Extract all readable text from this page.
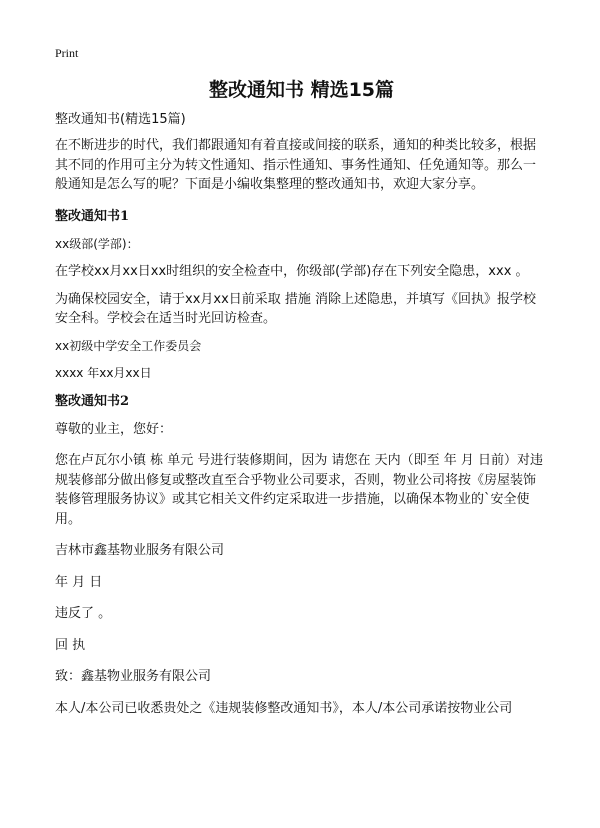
Print
整改通知书 精选15篇
整改通知书(精选15篇)

在不断进步的时代，我们都跟通知有着直接或间接的联系，通知的种类比较多，根据其不同的作用可主分为转文性通知、指示性通知、事务性通知、任免通知等。那么一般通知是怎么写的呢？下面是小编收集整理的整改通知书，欢迎大家分享。

整改通知书1

xx级部(学部)：

在学校xx月xx日xx时组织的安全检查中，你级部(学部)存在下列安全隐患，xxx 。

为确保校园安全，请于xx月xx日前采取 措施 消除上述隐患，并填写《回执》报学校安全科。学校会在适当时光回访检查。

xx初级中学安全工作委员会

xxxx 年xx月xx日

整改通知书2

尊敬的业主，您好：

您在卢瓦尔小镇 栋 单元 号进行装修期间，因为 请您在 天内（即至 年 月 日前）对违规装修部分做出修复或整改直至合乎物业公司要求，否则，物业公司将按《房屋装饰装修管理服务协议》或其它相关文件约定采取进一步措施，以确保本物业的`安全使用。

吉林市鑫基物业服务有限公司

年 月 日

违反了 。

回 执

致：鑫基物业服务有限公司

本人/本公司已收悉贵处之《违规装修整改通知书》，本人/本公司承诺按物业公司
